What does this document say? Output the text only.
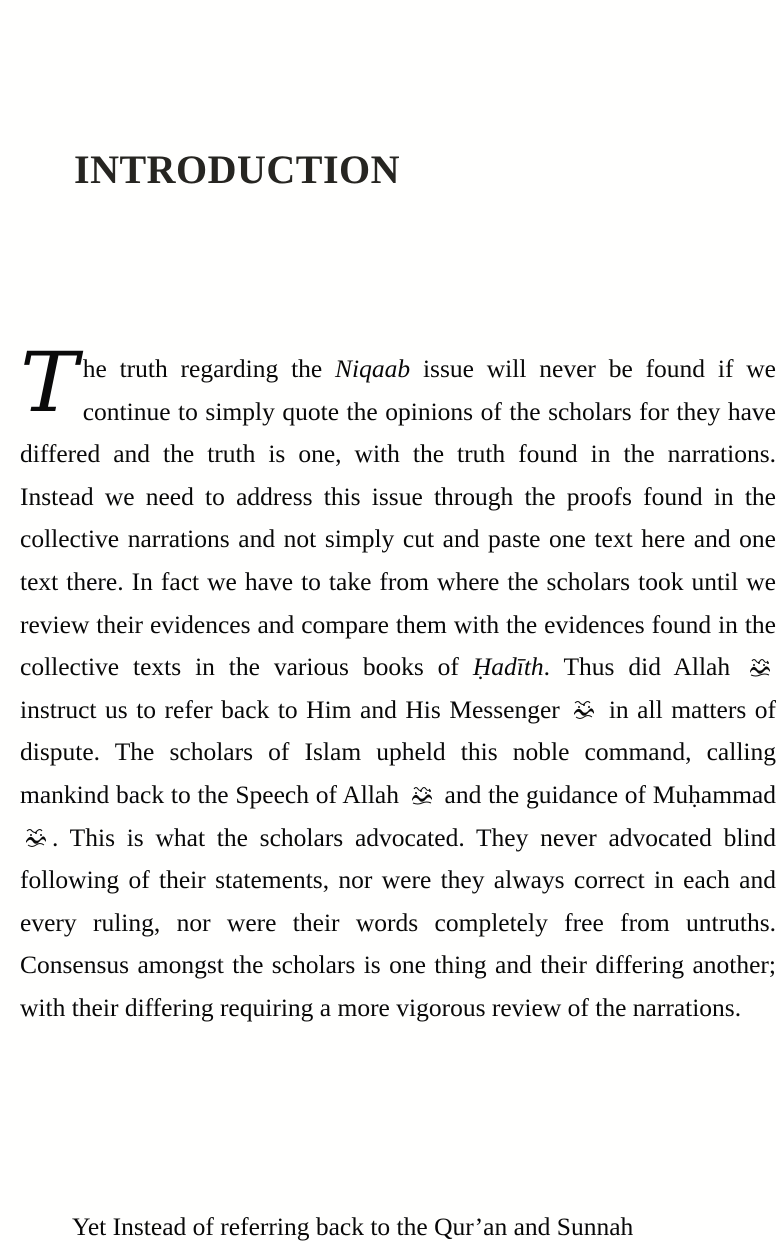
INTRODUCTION

The truth regarding the Niqaab issue will never be found if we continue to simply quote the opinions of the scholars for they have differed and the truth is one, with the truth found in the narrations. Instead we need to address this issue through the proofs found in the collective narrations and not simply cut and paste one text here and one text there. In fact we have to take from where the scholars took until we review their evidences and compare them with the evidences found in the collective texts in the various books of Ḥadīth. Thus did Allah
instruct us to refer back to Him and His Messenger
in all matters of dispute. The scholars of Islam upheld this noble command, calling mankind back to the Speech of Allah
and the guidance of Muḥammad
. This is what the scholars advocated. They never advocated blind following of their statements, nor were they always correct in each and every ruling, nor were their words completely free from untruths. Consensus amongst the scholars is one thing and their differing another; with their differing requiring a more vigorous review of the narrations.

Yet Instead of referring back to the Qur’an and Sunnah
